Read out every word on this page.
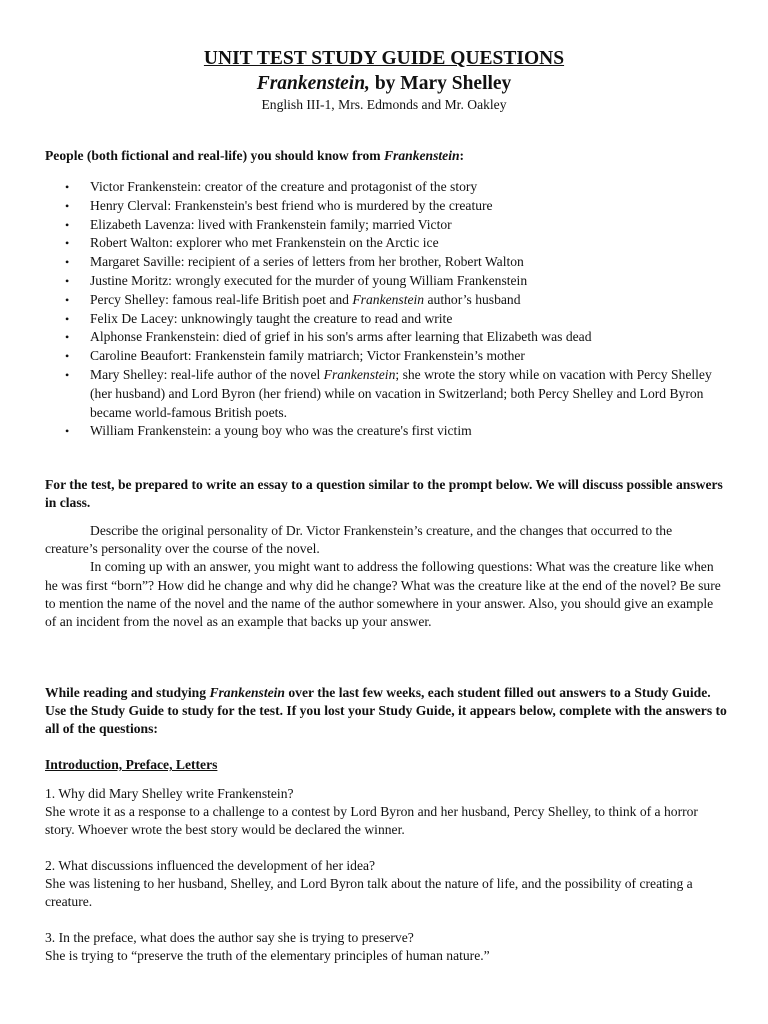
UNIT TEST STUDY GUIDE QUESTIONS
Frankenstein, by Mary Shelley
English III-1, Mrs. Edmonds and Mr. Oakley
People (both fictional and real-life) you should know from Frankenstein:
• Victor Frankenstein: creator of the creature and protagonist of the story
• Henry Clerval: Frankenstein's best friend who is murdered by the creature
• Elizabeth Lavenza: lived with Frankenstein family; married Victor
• Robert Walton: explorer who met Frankenstein on the Arctic ice
• Margaret Saville: recipient of a series of letters from her brother, Robert Walton
• Justine Moritz: wrongly executed for the murder of young William Frankenstein
• Percy Shelley: famous real-life British poet and Frankenstein author’s husband
• Felix De Lacey: unknowingly taught the creature to read and write
• Alphonse Frankenstein: died of grief in his son's arms after learning that Elizabeth was dead
• Caroline Beaufort: Frankenstein family matriarch; Victor Frankenstein’s mother
• Mary Shelley: real-life author of the novel Frankenstein; she wrote the story while on vacation with Percy Shelley (her husband) and Lord Byron (her friend) while on vacation in Switzerland; both Percy Shelley and Lord Byron became world-famous British poets.
• William Frankenstein: a young boy who was the creature's first victim
For the test, be prepared to write an essay to a question similar to the prompt below. We will discuss possible answers in class.

Describe the original personality of Dr. Victor Frankenstein’s creature, and the changes that occurred to the creature’s personality over the course of the novel.

In coming up with an answer, you might want to address the following questions: What was the creature like when he was first “born”? How did he change and why did he change? What was the creature like at the end of the novel? Be sure to mention the name of the novel and the name of the author somewhere in your answer. Also, you should give an example of an incident from the novel as an example that backs up your answer.

While reading and studying Frankenstein over the last few weeks, each student filled out answers to a Study Guide. Use the Study Guide to study for the test. If you lost your Study Guide, it appears below, complete with the answers to all of the questions:
Introduction, Preface, Letters
1. Why did Mary Shelley write Frankenstein?
She wrote it as a response to a challenge to a contest by Lord Byron and her husband, Percy Shelley, to think of a horror story. Whoever wrote the best story would be declared the winner.
2. What discussions influenced the development of her idea?
She was listening to her husband, Shelley, and Lord Byron talk about the nature of life, and the possibility of creating a creature.
3. In the preface, what does the author say she is trying to preserve?
She is trying to “preserve the truth of the elementary principles of human nature.”
